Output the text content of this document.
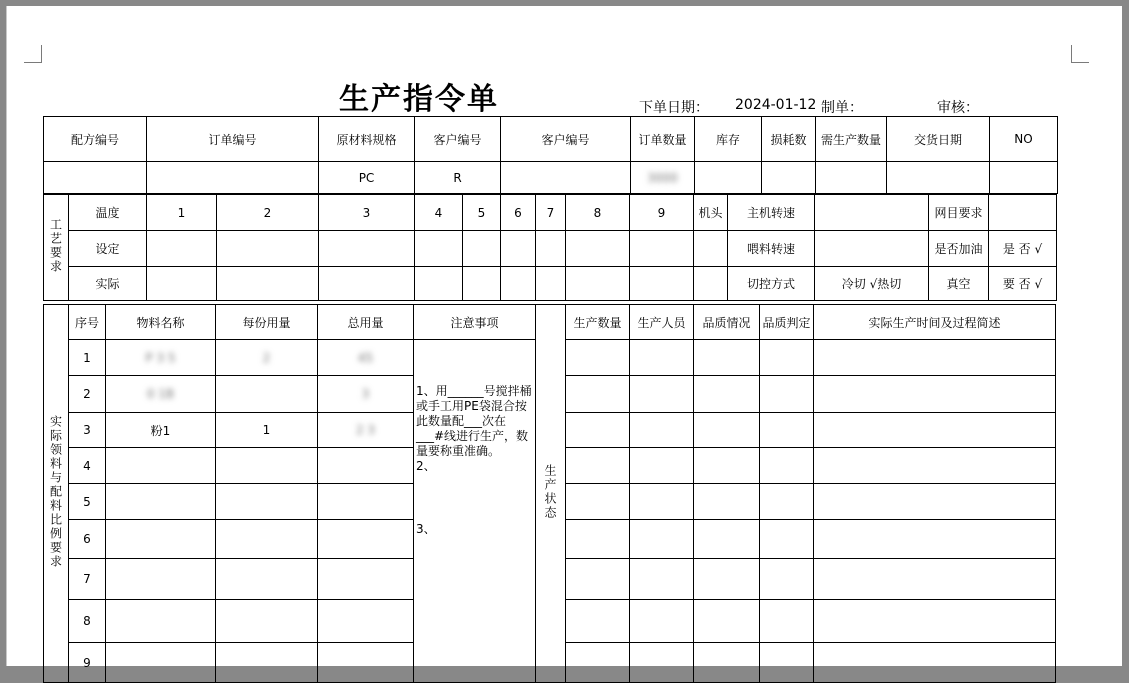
生产指令单	下单日期： 2024-01-12 制单：	审核：
配方编号	订单编号	原材料规格	客户编号	客户编号	订单数量	库存	损耗数	需生产数量	交货日期	NO
		PC	R		3000					
工艺要求	温度	1	2	3	4	5	6	7	8	9	机头	主机转速		网目要求	
	设定											喂料转速		是否加油	是 否 √
	实际											切控方式	冷切 √热切	真空	要 否 √
实际领料与配料比例要求	序号	物料名称	每份用量	总用量	注意事项	生产状态	生产数量	生产人员	品质情况	品质判定	实际生产时间及过程简述
	1	P 3 5	2	45	1、用______号搅拌桶或手工用PE袋混合按此数量配___次在___#线进行生产，数量要称重准确。
2、
3、						

	2	0 1B		3							
	3	粉1	1	2 3							
	4										
	5										
	6										
	7										
	8										
	9										
